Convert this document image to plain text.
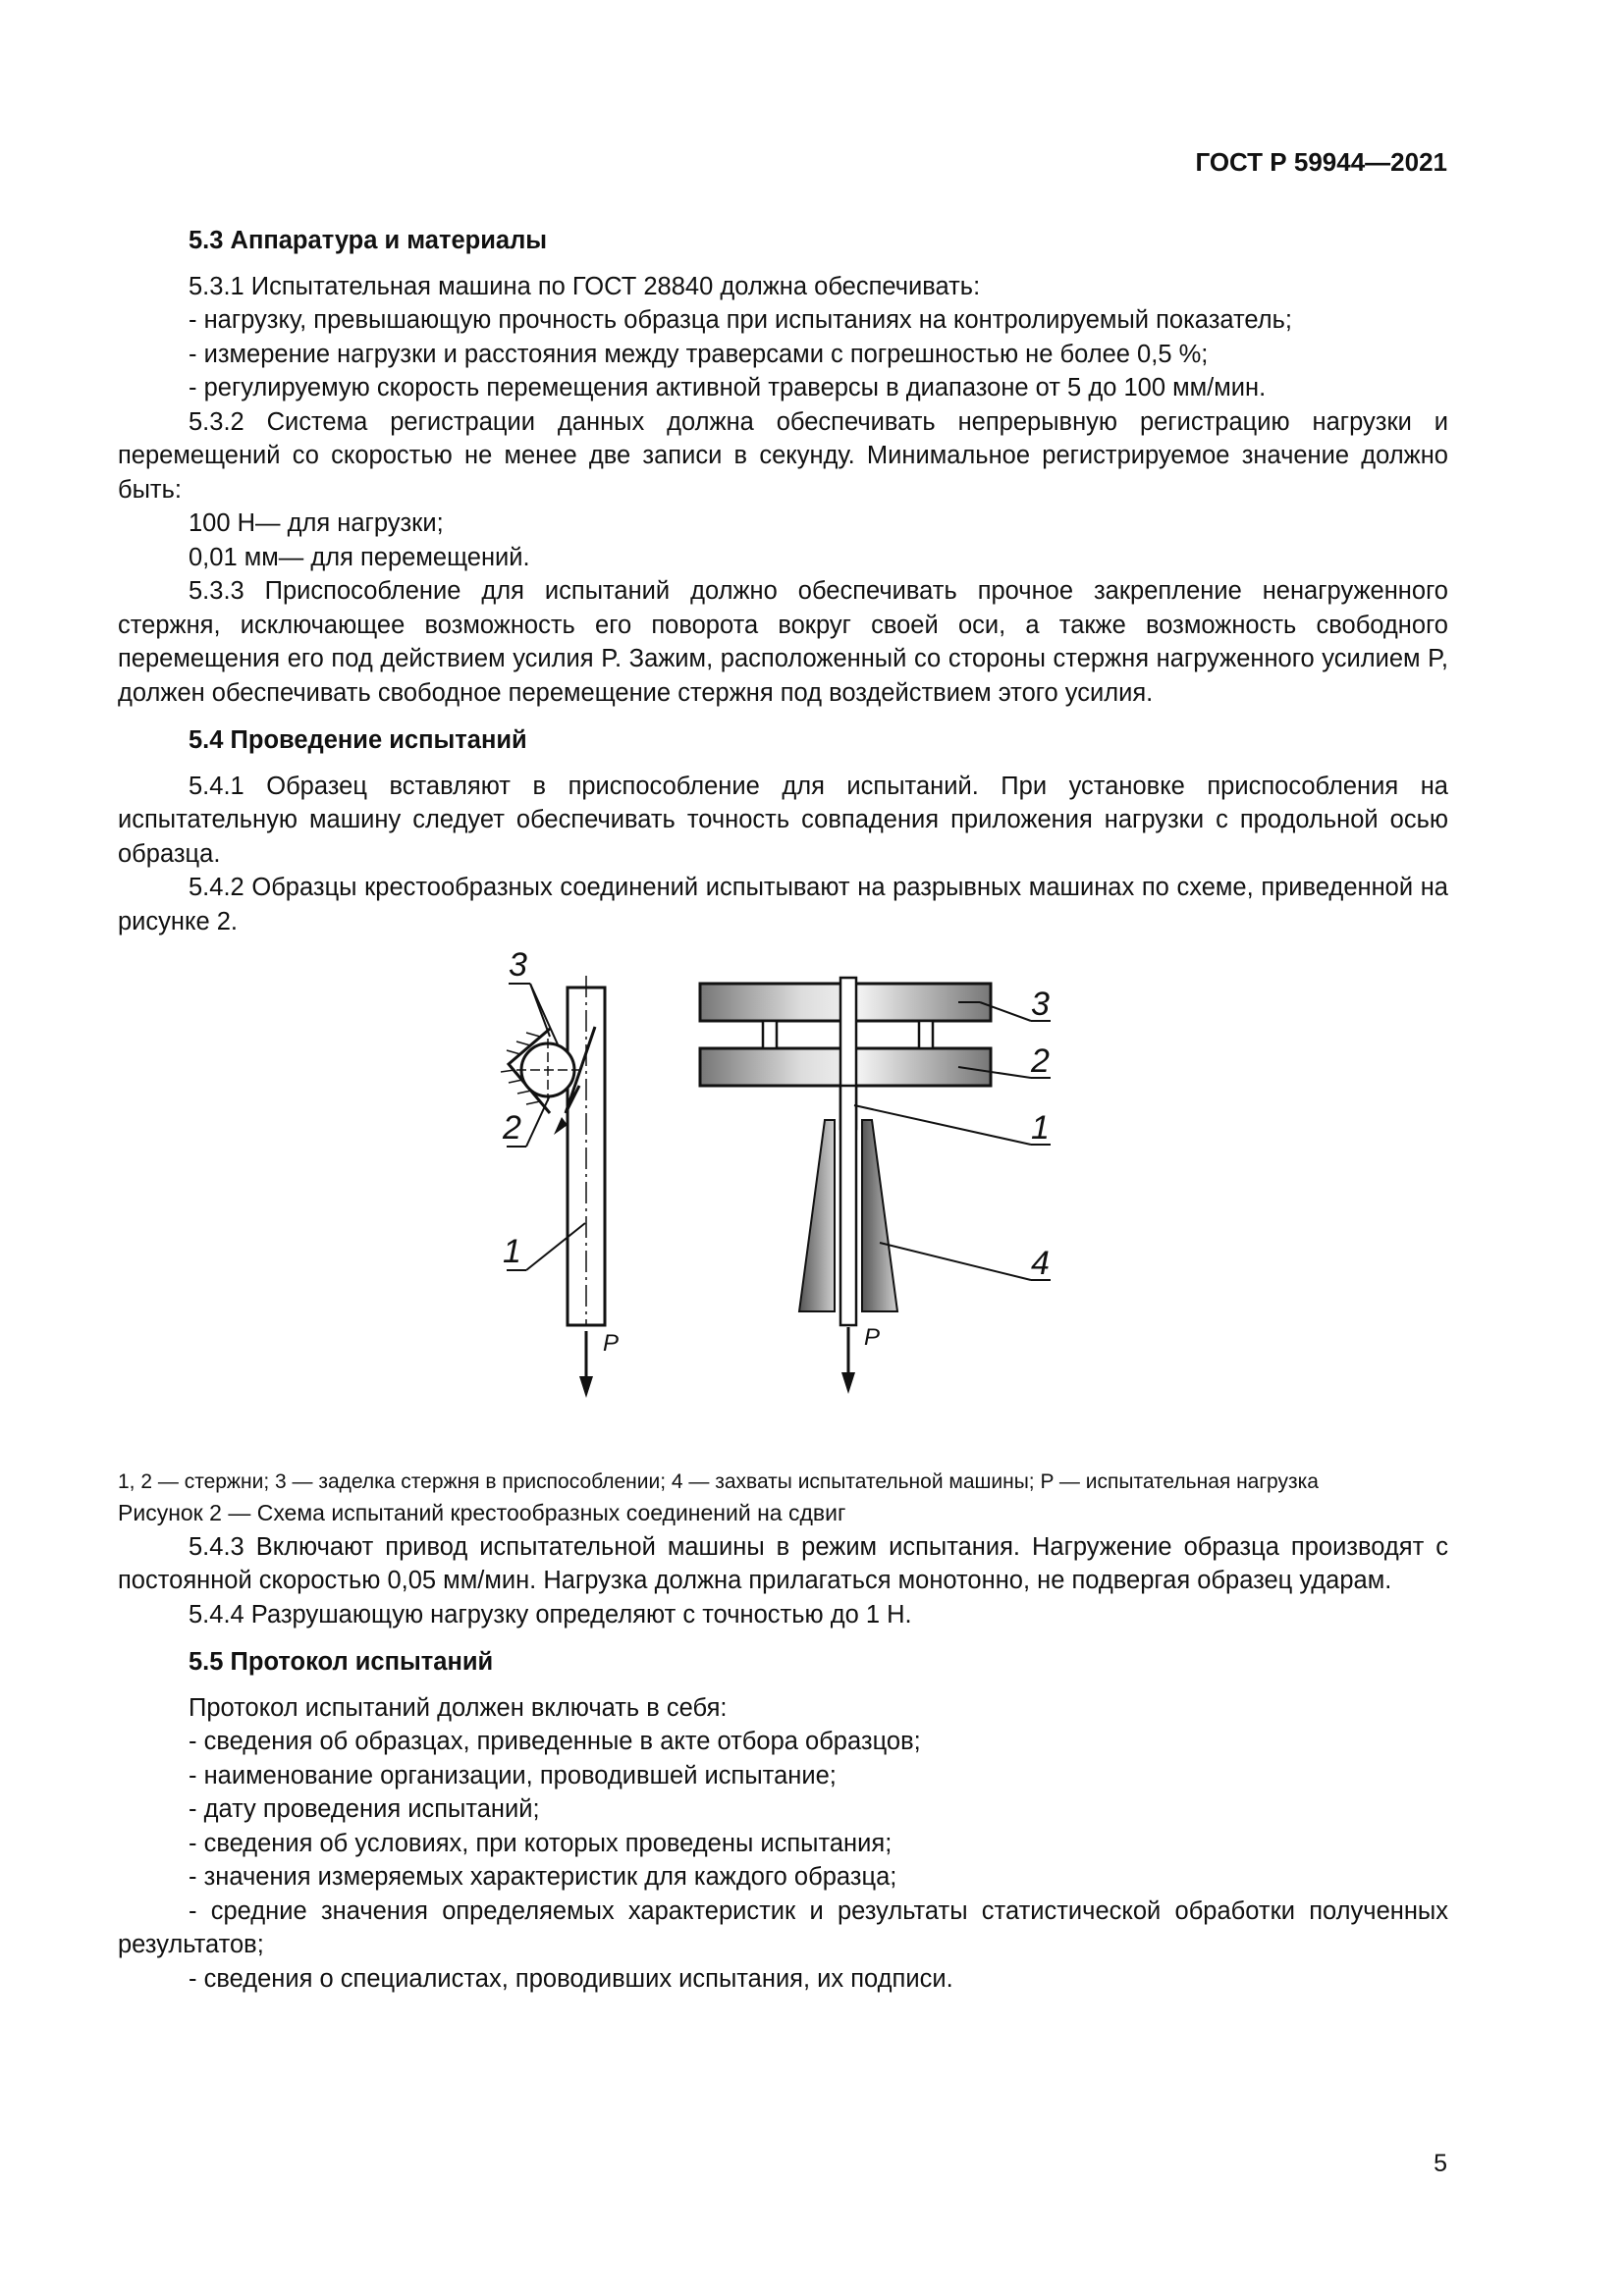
ГОСТ Р 59944—2021

5.3 Аппаратура и материалы

5.3.1 Испытательная машина по ГОСТ 28840 должна обеспечивать:

- нагрузку, превышающую прочность образца при испытаниях на контролируемый показатель;

- измерение нагрузки и расстояния между траверсами с погрешностью не более 0,5 %;

- регулируемую скорость перемещения активной траверсы в диапазоне от 5 до 100 мм/мин.

5.3.2 Система регистрации данных должна обеспечивать непрерывную регистрацию нагрузки и перемещений со скоростью не менее две записи в секунду. Минимальное регистрируемое значение должно быть:

100 Н— для нагрузки;

0,01 мм— для перемещений.

5.3.3 Приспособление для испытаний должно обеспечивать прочное закрепление ненагруженного стержня, исключающее возможность его поворота вокруг своей оси, а также возможность свободного перемещения его под действием усилия P. Зажим, расположенный со стороны стержня нагруженного усилием P, должен обеспечивать свободное перемещение стержня под воздействием этого усилия.

5.4 Проведение испытаний

5.4.1 Образец вставляют в приспособление для испытаний. При установке приспособления на испытательную машину следует обеспечивать точность совпадения приложения нагрузки с продольной осью образца.

5.4.2 Образцы крестообразных соединений испытывают на разрывных машинах по схеме, приведенной на рисунке 2.

3
2
1
P
3
2
1
4
P

1, 2 — стержни; 3 — заделка стержня в приспособлении; 4 — захваты испытательной машины; P — испытательная нагрузка

Рисунок 2 — Схема испытаний крестообразных соединений на сдвиг

5.4.3 Включают привод испытательной машины в режим испытания. Нагружение образца производят с постоянной скоростью 0,05 мм/мин. Нагрузка должна прилагаться монотонно, не подвергая образец ударам.

5.4.4 Разрушающую нагрузку определяют с точностью до 1 Н.

5.5 Протокол испытаний

Протокол испытаний должен включать в себя:

- сведения об образцах, приведенные в акте отбора образцов;

- наименование организации, проводившей испытание;

- дату проведения испытаний;

- сведения об условиях, при которых проведены испытания;

- значения измеряемых характеристик для каждого образца;

- средние значения определяемых характеристик и результаты статистической обработки полученных результатов;

- сведения о специалистах, проводивших испытания, их подписи.

5
